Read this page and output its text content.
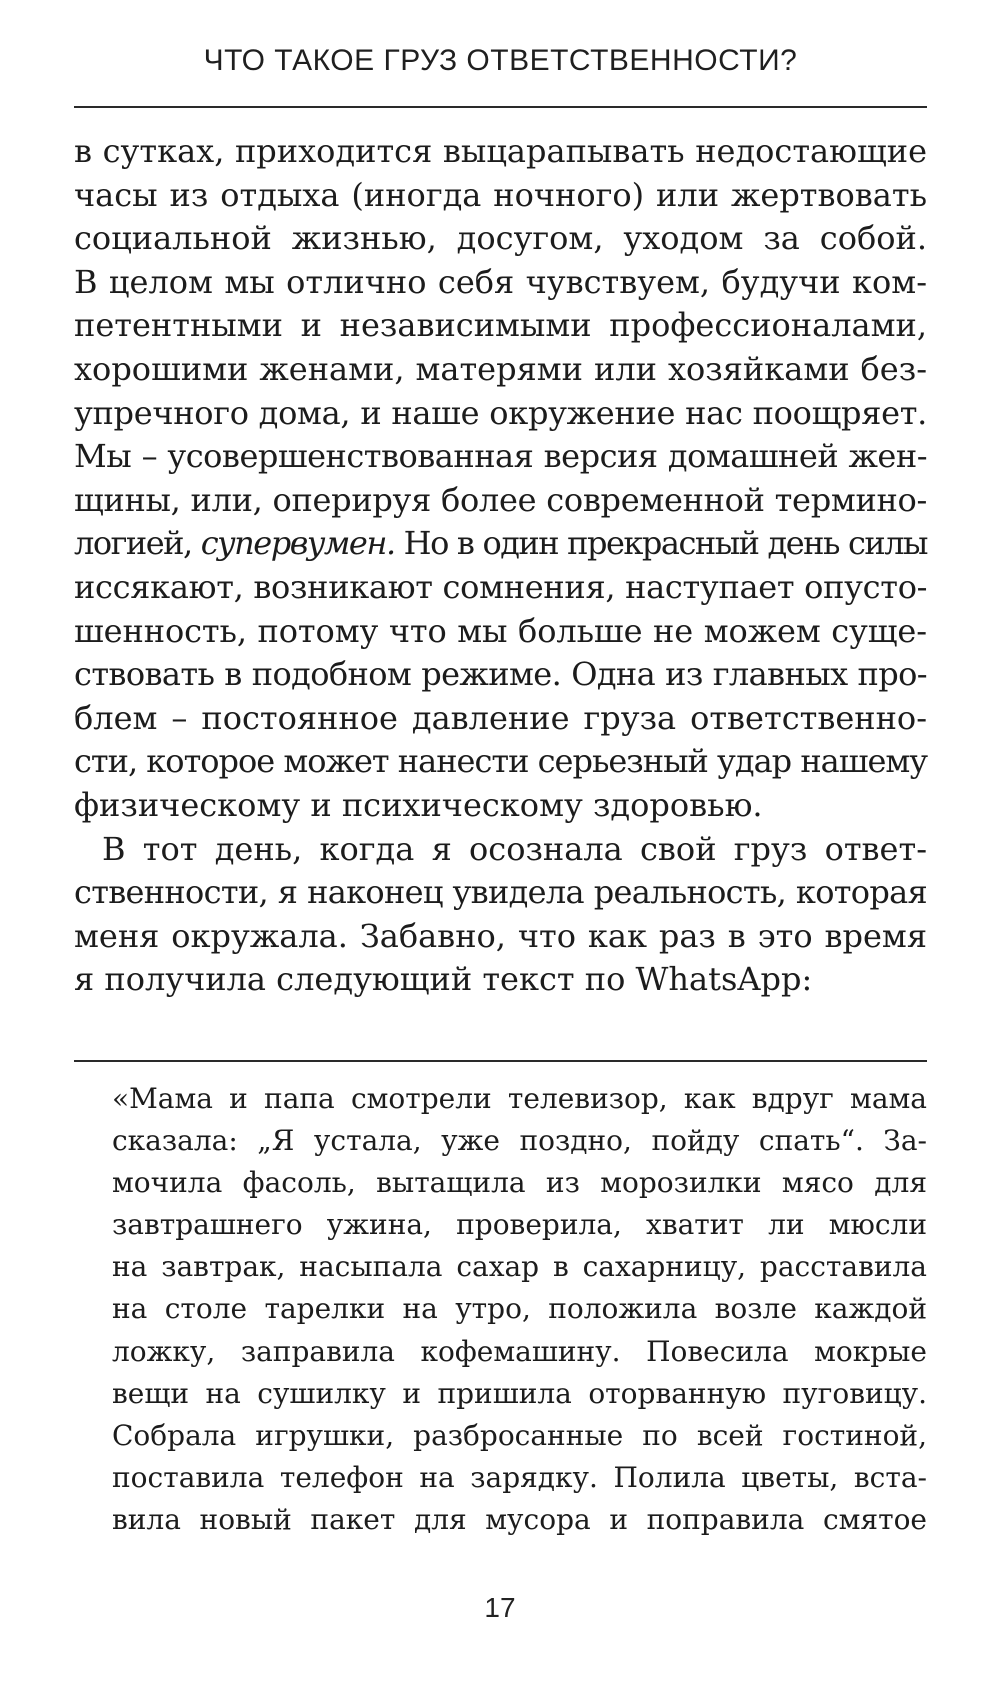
ЧТО ТАКОЕ ГРУЗ ОТВЕТСТВЕННОСТИ?
в сутках, приходится выцарапывать недостающие
часы из отдыха (иногда ночного) или жертвовать
социальной жизнью, досугом, уходом за собой.
В целом мы отлично себя чувствуем, будучи ком-
петентными и независимыми профессионалами,
хорошими женами, матерями или хозяйками без-
упречного дома, и наше окружение нас поощряет.
Мы – усовершенствованная версия домашней жен-
щины, или, оперируя более современной термино-
логией, супервумен. Но в один прекрасный день силы
иссякают, возникают сомнения, наступает опусто-
шенность, потому что мы больше не можем суще-
ствовать в подобном режиме. Одна из главных про-
блем – постоянное давление груза ответственно-
сти, которое может нанести серьезный удар нашему
физическому и психическому здоровью.
В тот день, когда я осознала свой груз ответ-
ственности, я наконец увидела реальность, которая
меня окружала. Забавно, что как раз в это время
я получила следующий текст по WhatsApp:
«Мама и папа смотрели телевизор, как вдруг мама
сказала: „Я устала, уже поздно, пойду спать“. За-
мочила фасоль, вытащила из морозилки мясо для
завтрашнего ужина, проверила, хватит ли мюсли
на завтрак, насыпала сахар в сахарницу, расставила
на столе тарелки на утро, положила возле каждой
ложку, заправила кофемашину. Повесила мокрые
вещи на сушилку и пришила оторванную пуговицу.
Собрала игрушки, разбросанные по всей гостиной,
поставила телефон на зарядку. Полила цветы, вста-
вила новый пакет для мусора и поправила смятое
17
